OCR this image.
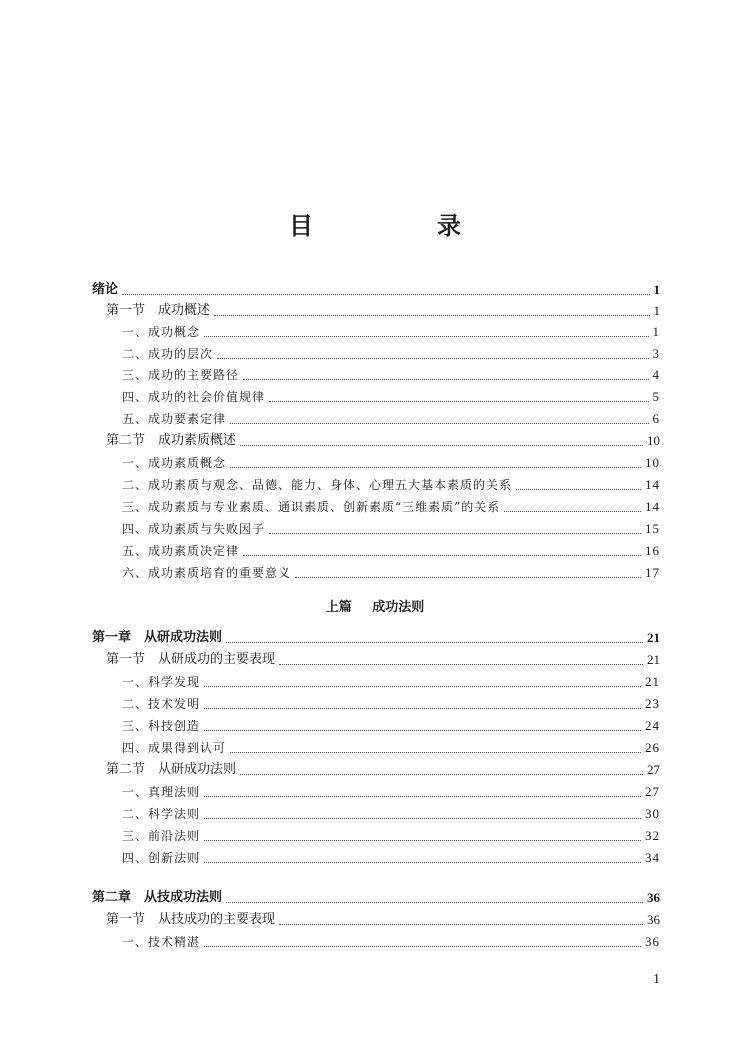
目　录
绪论	1
第一节　成功概述	1
一、成功概念	1
二、成功的层次	3
三、成功的主要路径	4
四、成功的社会价值规律	5
五、成功要素定律	6
第二节　成功素质概述	10
一、成功素质概念	10
二、成功素质与观念、品德、能力、身体、心理五大基本素质的关系	14
三、成功素质与专业素质、通识素质、创新素质“三维素质”的关系	14
四、成功素质与失败因子	15
五、成功素质决定律	16
六、成功素质培育的重要意义	17
第一章　从研成功法则	21
第一节　从研成功的主要表现	21
一、科学发现	21
二、技术发明	23
三、科技创造	24
四、成果得到认可	26
第二节　从研成功法则	27
一、真理法则	27
二、科学法则	30
三、前沿法则	32
四、创新法则	34
第二章　从技成功法则	36
第一节　从技成功的主要表现	36
一、技术精湛	36
上篇 成功法则
1
